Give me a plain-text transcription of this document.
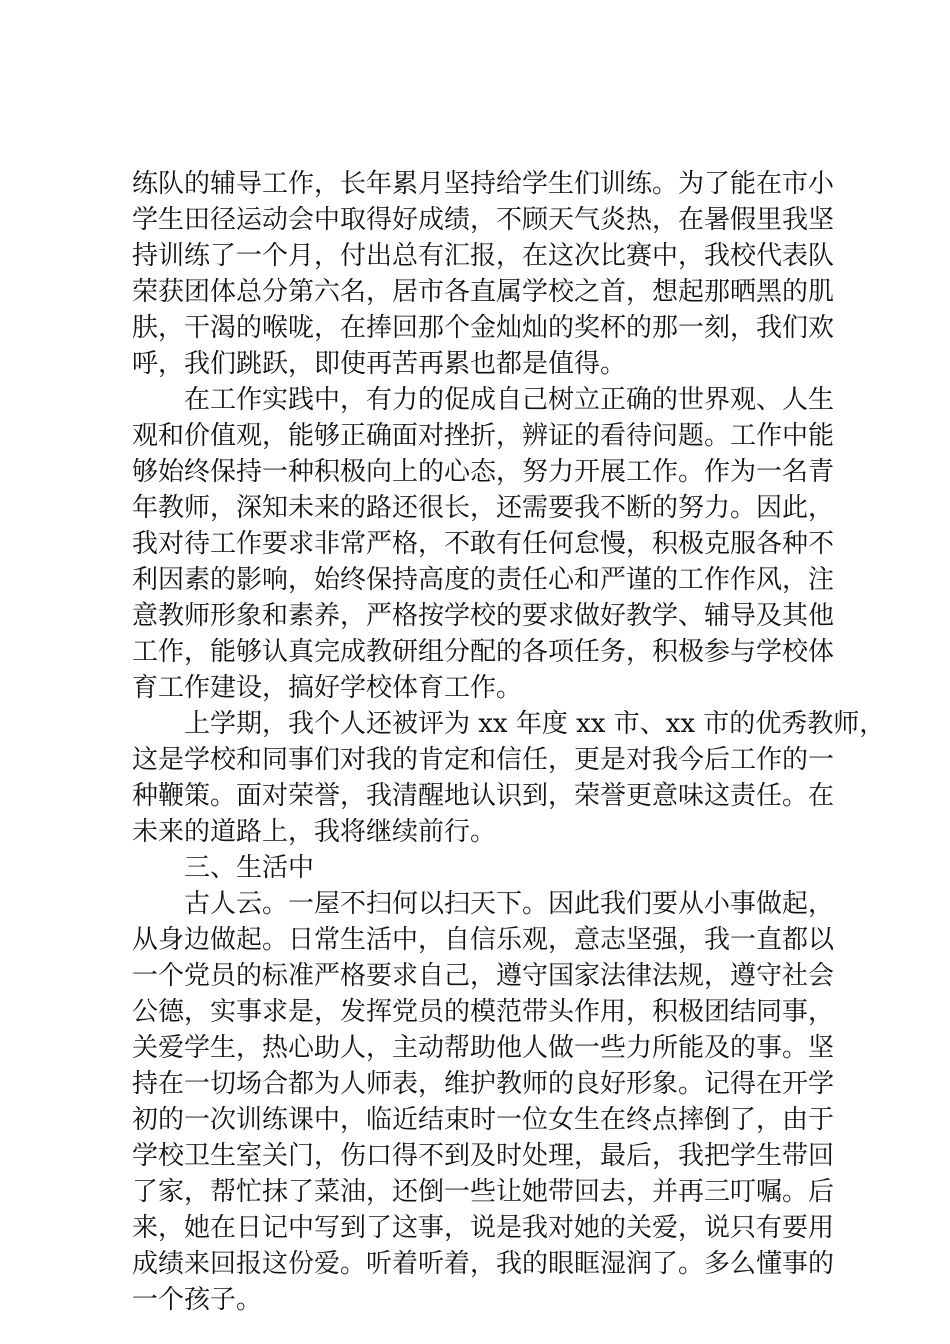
练队的辅导工作，长年累月坚持给学生们训练。为了能在市小
学生田径运动会中取得好成绩，不顾天气炎热，在暑假里我坚
持训练了一个月，付出总有汇报，在这次比赛中，我校代表队
荣获团体总分第六名，居市各直属学校之首，想起那晒黑的肌
肤，干渴的喉咙，在捧回那个金灿灿的奖杯的那一刻，我们欢
呼，我们跳跃，即使再苦再累也都是值得。
在工作实践中，有力的促成自己树立正确的世界观、人生
观和价值观，能够正确面对挫折，辨证的看待问题。工作中能
够始终保持一种积极向上的心态，努力开展工作。作为一名青
年教师，深知未来的路还很长，还需要我不断的努力。因此，
我对待工作要求非常严格，不敢有任何怠慢，积极克服各种不
利因素的影响，始终保持高度的责任心和严谨的工作作风，注
意教师形象和素养，严格按学校的要求做好教学、辅导及其他
工作，能够认真完成教研组分配的各项任务，积极参与学校体
育工作建设，搞好学校体育工作。
上学期，我个人还被评为 xx 年度 xx 市、xx 市的优秀教师，
这是学校和同事们对我的肯定和信任，更是对我今后工作的一
种鞭策。面对荣誉，我清醒地认识到，荣誉更意味这责任。在
未来的道路上，我将继续前行。
三、生活中
古人云。一屋不扫何以扫天下。因此我们要从小事做起，
从身边做起。日常生活中，自信乐观，意志坚强，我一直都以
一个党员的标准严格要求自己，遵守国家法律法规，遵守社会
公德，实事求是，发挥党员的模范带头作用，积极团结同事，
关爱学生，热心助人，主动帮助他人做一些力所能及的事。坚
持在一切场合都为人师表，维护教师的良好形象。记得在开学
初的一次训练课中，临近结束时一位女生在终点摔倒了，由于
学校卫生室关门，伤口得不到及时处理，最后，我把学生带回
了家，帮忙抹了菜油，还倒一些让她带回去，并再三叮嘱。后
来，她在日记中写到了这事，说是我对她的关爱，说只有要用
成绩来回报这份爱。听着听着，我的眼眶湿润了。多么懂事的
一个孩子。
